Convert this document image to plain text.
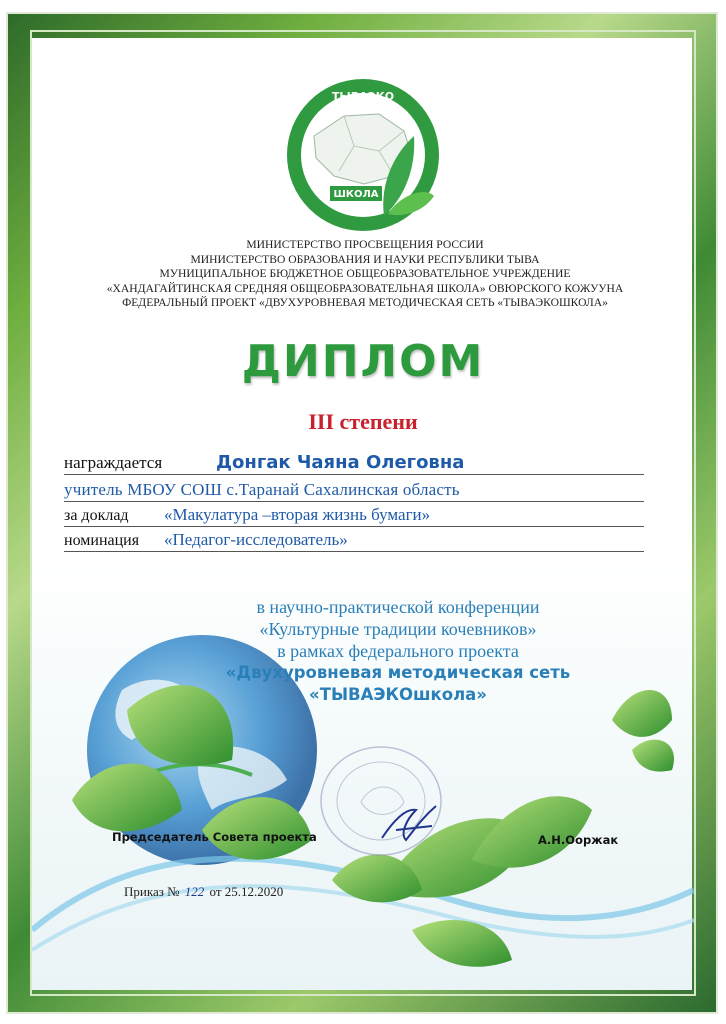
ТЫВАЭКО
ШКОЛА
МИНИСТЕРСТВО ПРОСВЕЩЕНИЯ РОССИИ
МИНИСТЕРСТВО ОБРАЗОВАНИЯ И НАУКИ РЕСПУБЛИКИ ТЫВА
МУНИЦИПАЛЬНОЕ БЮДЖЕТНОЕ ОБЩЕОБРАЗОВАТЕЛЬНОЕ УЧРЕЖДЕНИЕ
«ХАНДАГАЙТИНСКАЯ СРЕДНЯЯ ОБЩЕОБРАЗОВАТЕЛЬНАЯ ШКОЛА» ОВЮРСКОГО КОЖУУНА
ФЕДЕРАЛЬНЫЙ ПРОЕКТ «ДВУХУРОВНЕВАЯ МЕТОДИЧЕСКАЯ СЕТЬ «ТЫВАЭКОШКОЛА»
ДИПЛОМ
III степени
награждается	Донгак Чаяна Олеговна
учитель МБОУ СОШ с.Таранай Сахалинская область
за доклад «Макулатура –вторая жизнь бумаги»
номинация «Педагог-исследователь»
в научно-практической конференции
«Культурные традиции кочевников»
в рамках федерального проекта
«Двухуровневая методическая сеть
«ТЫВАЭКОшкола»
Председатель Совета проекта	А.Н.Ооржак
Приказ № 122 от 25.12.2020
